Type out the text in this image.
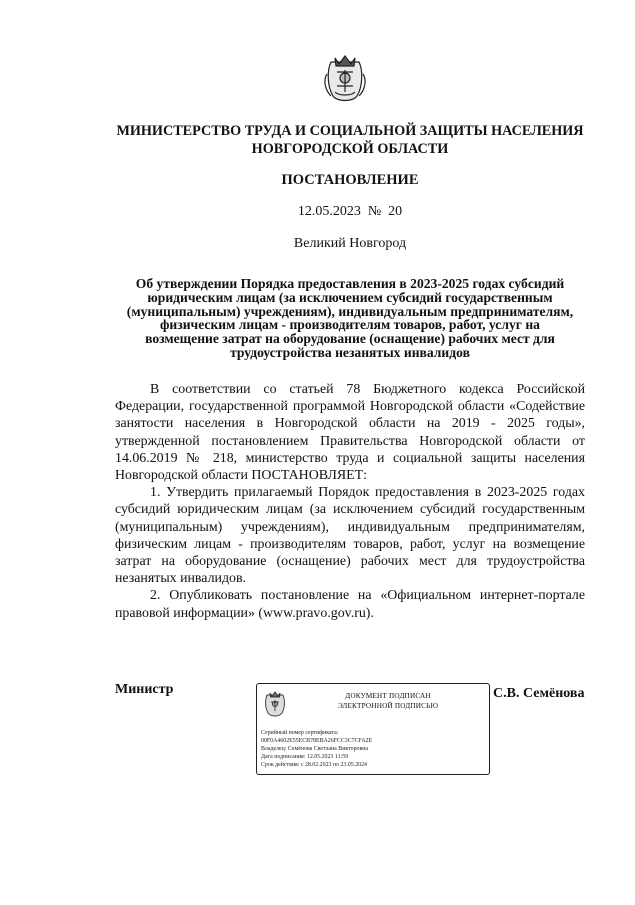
МИНИСТЕРСТВО ТРУДА И СОЦИАЛЬНОЙ ЗАЩИТЫ НАСЕЛЕНИЯ
НОВГОРОДСКОЙ ОБЛАСТИ
ПОСТАНОВЛЕНИЕ
12.05.2023  №  20
Великий Новгород
Об утверждении Порядка предоставления в 2023-2025 годах субсидий
юридическим лицам (за исключением субсидий государственным
(муниципальным) учреждениям), индивидуальным предпринимателям,
физическим лицам - производителям товаров, работ, услуг на
возмещение затрат на оборудование (оснащение) рабочих мест для
трудоустройства незанятых инвалидов

В соответствии со статьей 78 Бюджетного кодекса Российской Федерации, государственной программой Новгородской области «Содействие занятости населения в Новгородской области на 2019 - 2025 годы», утвержденной постановлением Правительства Новгородской области от 14.06.2019 № 218, министерство труда и социальной защиты населения Новгородской области ПОСТАНОВЛЯЕТ:

1. Утвердить прилагаемый Порядок предоставления в 2023-2025 годах субсидий юридическим лицам (за исключением субсидий государственным (муниципальным) учреждениям), индивидуальным предпринимателям, физическим лицам - производителям товаров, работ, услуг на возмещение затрат на оборудование (оснащение) рабочих мест для трудоустройства незанятых инвалидов.

2. Опубликовать постановление на «Официальном интернет-портале правовой информации» (www.pravo.gov.ru).

Министр	С.В. Семёнова
ДОКУМЕНТ ПОДПИСАН
ЭЛЕКТРОННОЙ ПОДПИСЬЮ
Серийный номер сертификата:
00F0A4602E55ECB78EBA26FCC3C7CFA2E
Владелец: Семёнова Светлана Викторовна
Дата подписания: 12.05.2023 11:59
Срок действия: с 28.02.2023 по 23.05.2024
